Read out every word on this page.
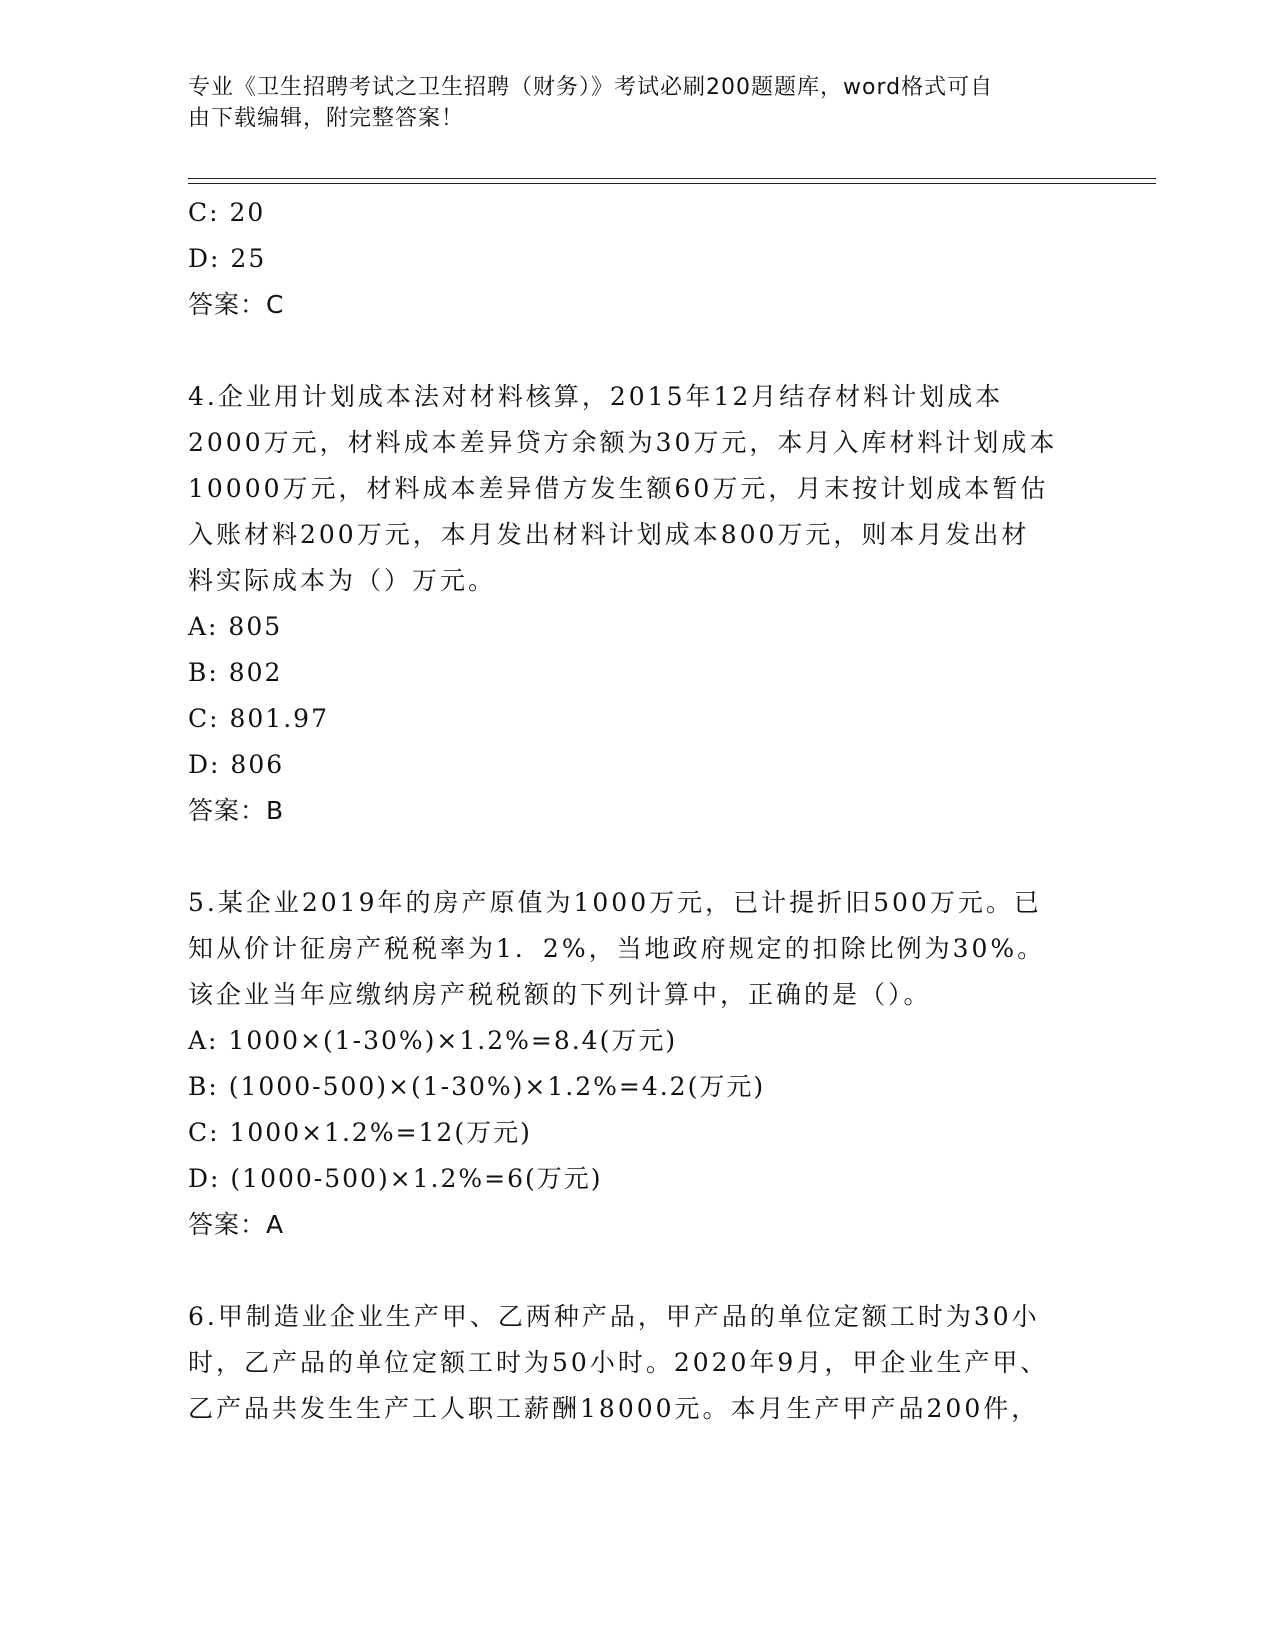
专业《卫生招聘考试之卫生招聘（财务）》考试必刷200题题库，word格式可自
由下载编辑，附完整答案！
C: 20
D: 25
答案：C
4.企业用计划成本法对材料核算，2015年12月结存材料计划成本
2000万元，材料成本差异贷方余额为30万元，本月入库材料计划成本
10000万元，材料成本差异借方发生额60万元，月末按计划成本暂估
入账材料200万元，本月发出材料计划成本800万元，则本月发出材
料实际成本为（）万元。
A: 805
B: 802
C: 801.97
D: 806
答案：B
5.某企业2019年的房产原值为1000万元，已计提折旧500万元。已
知从价计征房产税税率为1．2%，当地政府规定的扣除比例为30%。
该企业当年应缴纳房产税税额的下列计算中，正确的是（）。
A: 1000×(1-30%)×1.2%=8.4(万元)
B: (1000-500)×(1-30%)×1.2%=4.2(万元)
C: 1000×1.2%=12(万元)
D: (1000-500)×1.2%=6(万元)
答案：A
6.甲制造业企业生产甲、乙两种产品，甲产品的单位定额工时为30小
时，乙产品的单位定额工时为50小时。2020年9月，甲企业生产甲、
乙产品共发生生产工人职工薪酬18000元。本月生产甲产品200件，
